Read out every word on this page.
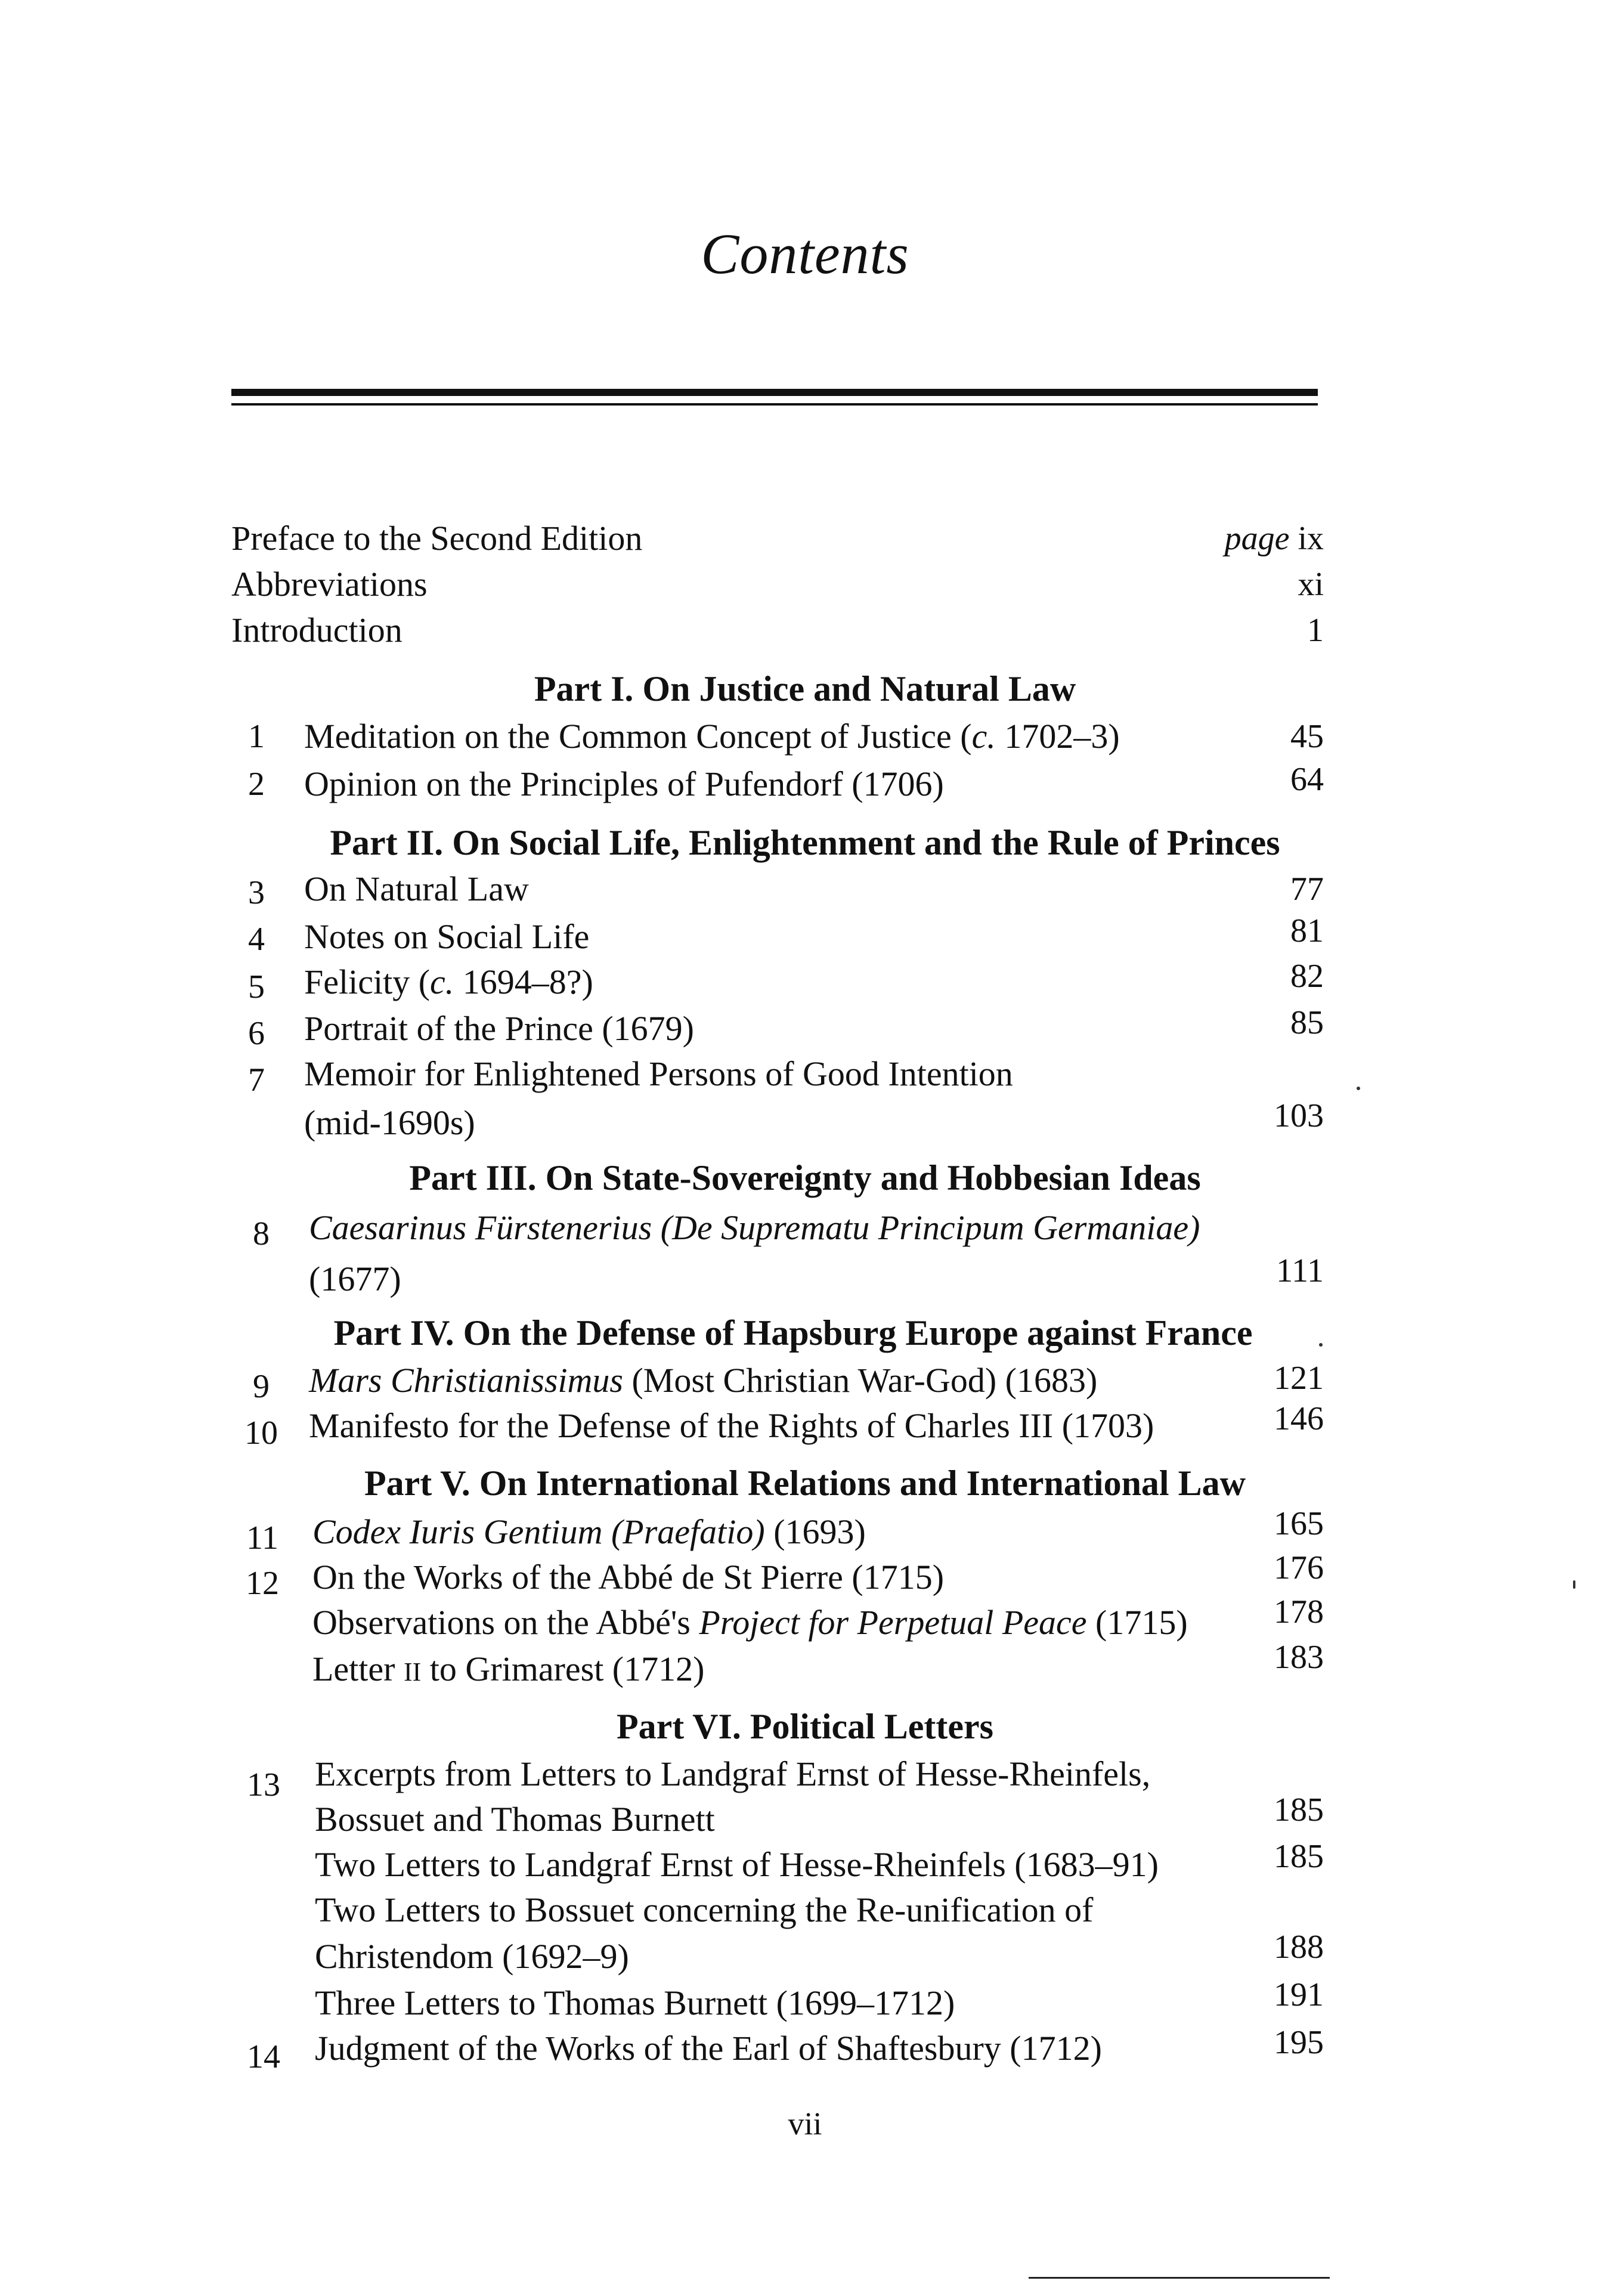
Contents
Preface to the Second Edition	page ix
Abbreviations	xi
Introduction	1
Part I. On Justice and Natural Law
1 Meditation on the Common Concept of Justice (c. 1702–3)	45
2 Opinion on the Principles of Pufendorf (1706)	64
Part II. On Social Life, Enlightenment and the Rule of Princes
3 On Natural Law	77
4 Notes on Social Life	81
5 Felicity (c. 1694–8?)	82
6 Portrait of the Prince (1679)	85
7 Memoir for Enlightened Persons of Good Intention
(mid-1690s)	103
Part III. On State-Sovereignty and Hobbesian Ideas
8 Caesarinus Fürstenerius (De Suprematu Principum Germaniae)
(1677)	111
Part IV. On the Defense of Hapsburg Europe against France
9 Mars Christianissimus (Most Christian War-God) (1683)	121
10 Manifesto for the Defense of the Rights of Charles III (1703)	146
Part V. On International Relations and International Law
11 Codex Iuris Gentium (Praefatio) (1693)	165
12 On the Works of the Abbé de St Pierre (1715)	176
Observations on the Abbé's Project for Perpetual Peace (1715)	178
Letter II to Grimarest (1712)	183
Part VI. Political Letters
13 Excerpts from Letters to Landgraf Ernst of Hesse-Rheinfels,
Bossuet and Thomas Burnett	185
Two Letters to Landgraf Ernst of Hesse-Rheinfels (1683–91)	185
Two Letters to Bossuet concerning the Re-unification of
Christendom (1692–9)	188
Three Letters to Thomas Burnett (1699–1712)	191
14 Judgment of the Works of the Earl of Shaftesbury (1712)	195
vii
